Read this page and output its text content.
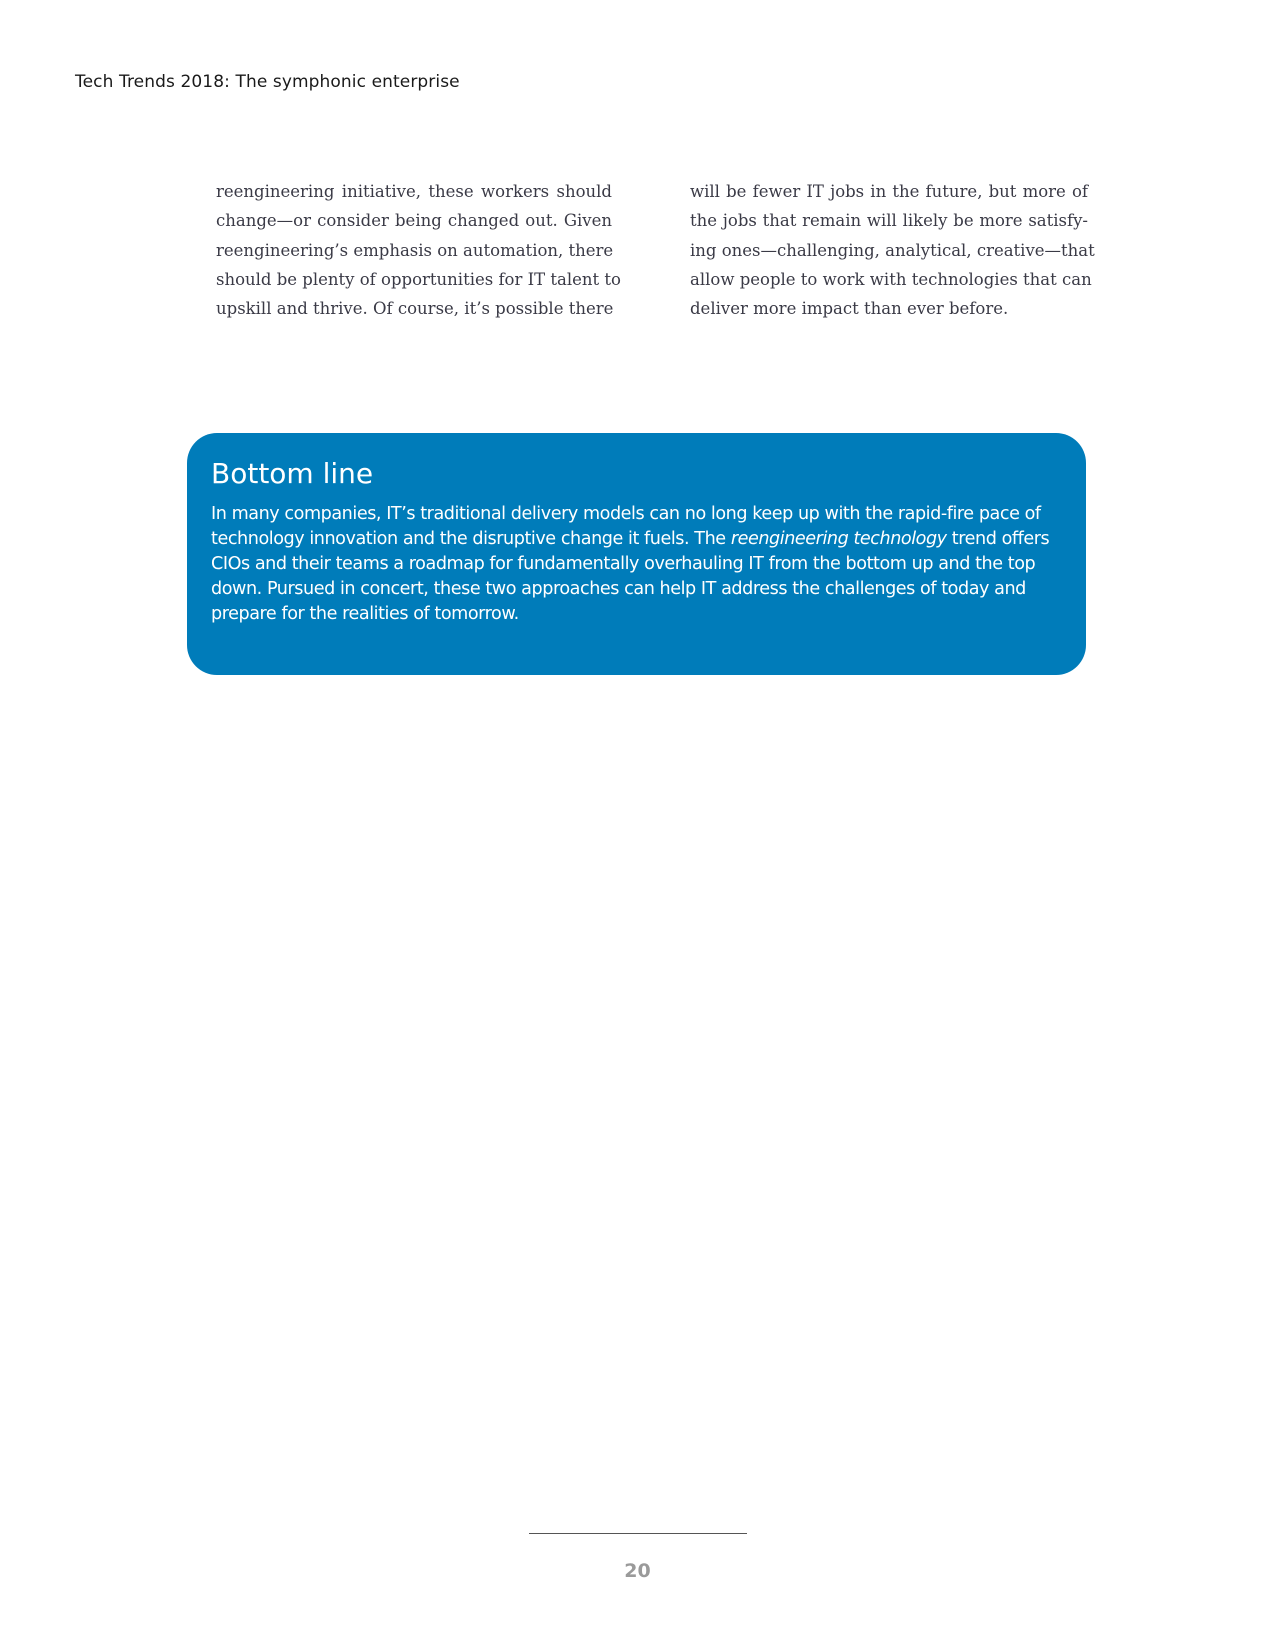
Tech Trends 2018: The symphonic enterprise
reengineering initiative, these workers should
change—or consider being changed out. Given
reengineering’s emphasis on automation, there
should be plenty of opportunities for IT talent to
upskill and thrive. Of course, it’s possible there
will be fewer IT jobs in the future, but more of
the jobs that remain will likely be more satisfy-
ing ones—challenging, analytical, creative—that
allow people to work with technologies that can
deliver more impact than ever before.
Bottom line

In many companies, IT’s traditional delivery models can no long keep up with the rapid-fire pace of technology innovation and the disruptive change it fuels. The reengineering technology trend offers CIOs and their teams a roadmap for fundamentally overhauling IT from the bottom up and the top down. Pursued in concert, these two approaches can help IT address the challenges of today and prepare for the realities of tomorrow.

20
